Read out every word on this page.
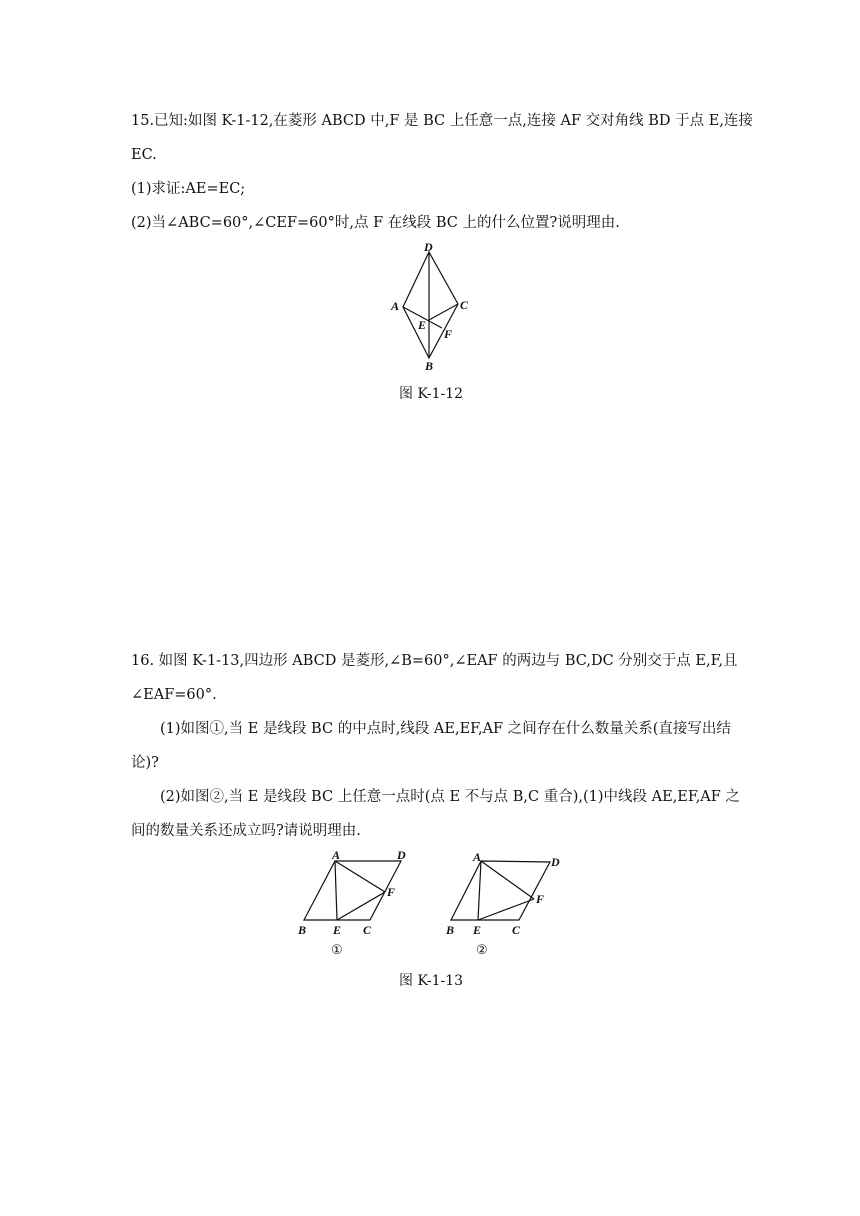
15.已知:如图 K-1-12,在菱形 ABCD 中,F 是 BC 上任意一点,连接 AF 交对角线 BD 于点 E,连接
EC.
(1)求证:AE=EC;
(2)当∠ABC=60°,∠CEF=60°时,点 F 在线段 BC 上的什么位置?说明理由.
D
A	C
E
F
B
图 K-1-12
16. 如图 K-1-13,四边形 ABCD 是菱形,∠B=60°,∠EAF 的两边与 BC,DC 分别交于点 E,F,且
∠EAF=60°.
(1)如图①,当 E 是线段 BC 的中点时,线段 AE,EF,AF 之间存在什么数量关系(直接写出结
论)?
(2)如图②,当 E 是线段 BC 上任意一点时(点 E 不与点 B,C 重合),(1)中线段 AE,EF,AF 之
间的数量关系还成立吗?请说明理由.
A	D
F
B E C
①
A	D
F
B E	C
②
图 K-1-13
